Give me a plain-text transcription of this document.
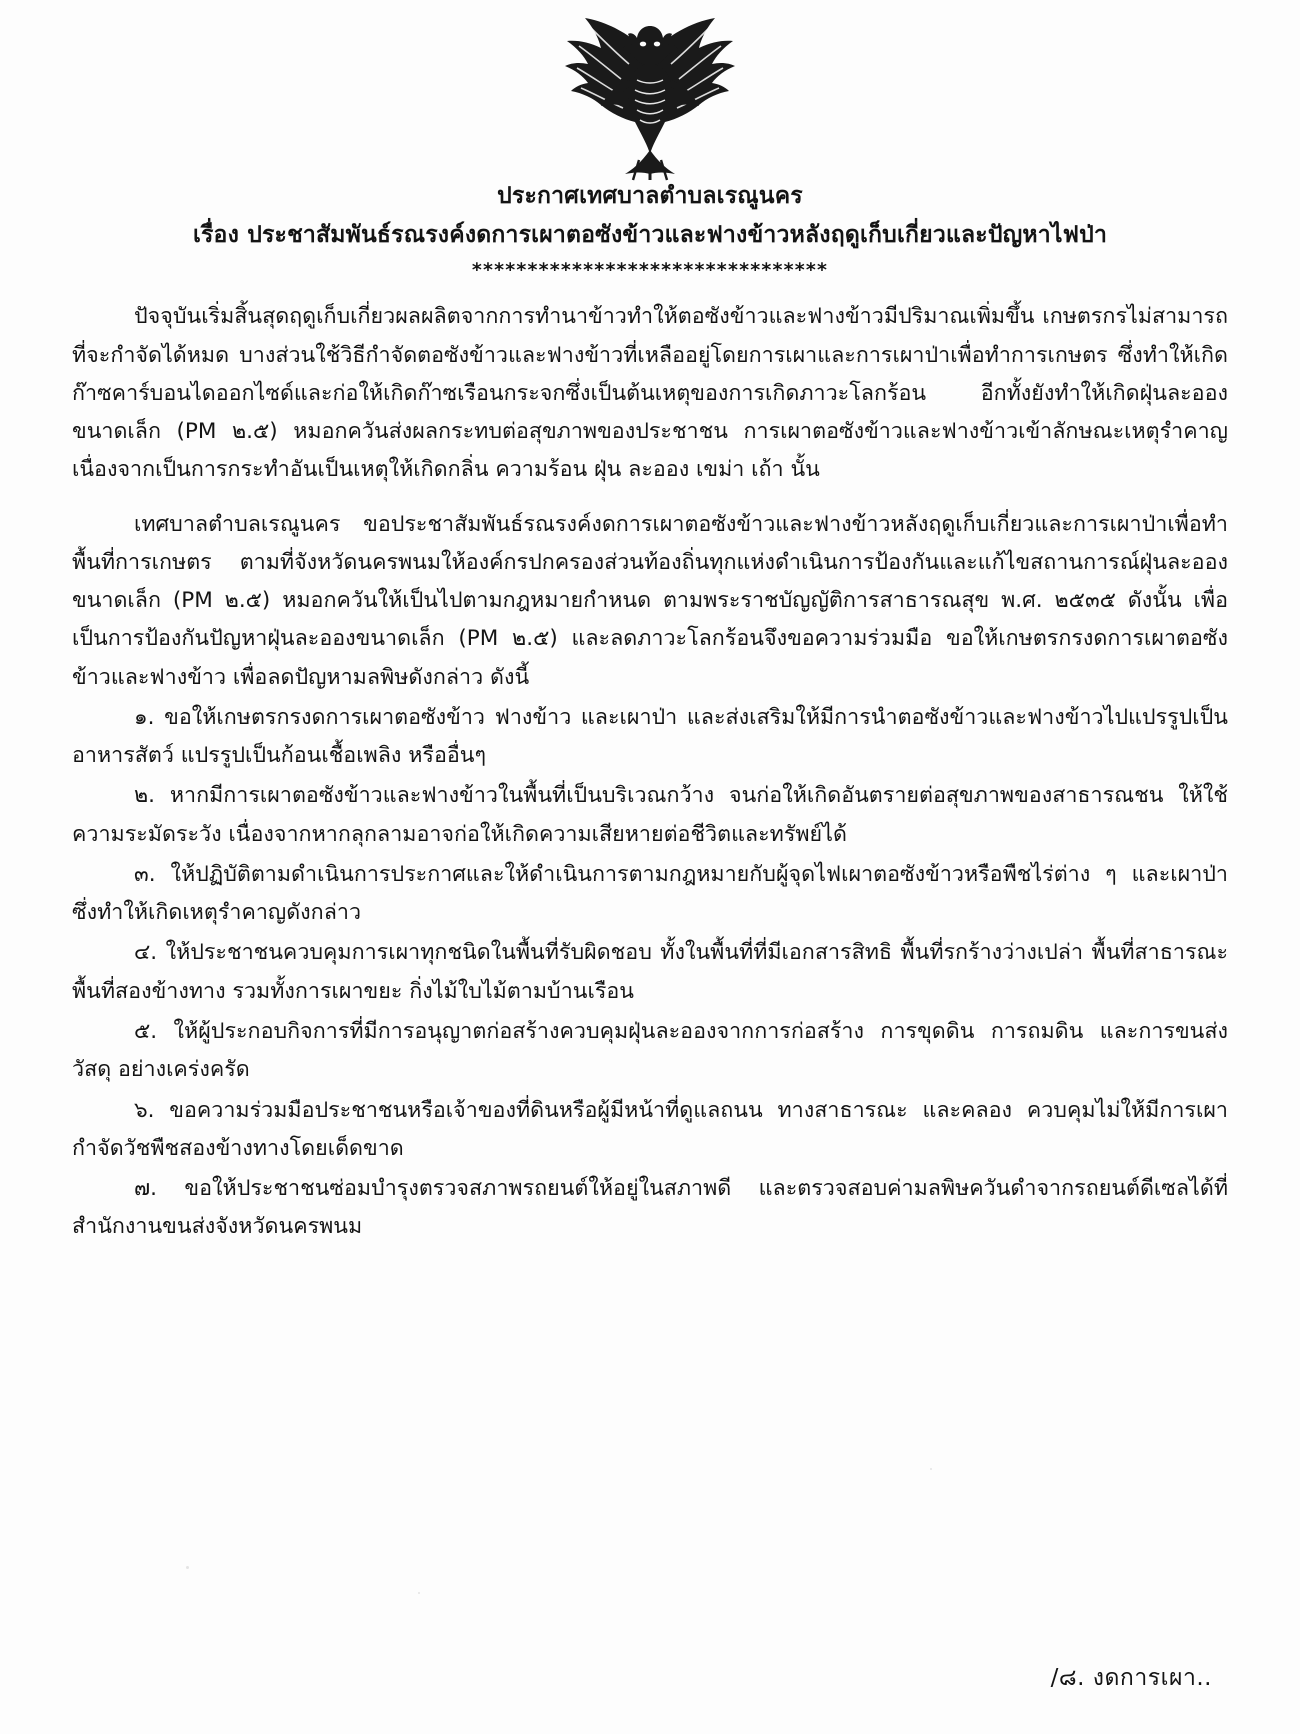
ประกาศเทศบาลตำบลเรณูนคร
เรื่อง ประชาสัมพันธ์รณรงค์งดการเผาตอซังข้าวและฟางข้าวหลังฤดูเก็บเกี่ยวและปัญหาไฟป่า
********************************

ปัจจุบันเริ่มสิ้นสุดฤดูเก็บเกี่ยวผลผลิตจากการทำนาข้าวทำให้ตอซังข้าวและฟางข้าวมีปริมาณเพิ่มขึ้น เกษตรกรไม่สามารถที่จะกำจัดได้หมด บางส่วนใช้วิธีกำจัดตอซังข้าวและฟางข้าวที่เหลืออยู่โดยการเผาและการเผาป่าเพื่อทำการเกษตร ซึ่งทำให้เกิดก๊าซคาร์บอนไดออกไซด์และก่อให้เกิดก๊าซเรือนกระจกซึ่งเป็นต้นเหตุของการเกิดภาวะโลกร้อน อีกทั้งยังทำให้เกิดฝุ่นละอองขนาดเล็ก (PM ๒.๕) หมอกควันส่งผลกระทบต่อสุขภาพของประชาชน การเผาตอซังข้าวและฟางข้าวเข้าลักษณะเหตุรำคาญ เนื่องจากเป็นการกระทำอันเป็นเหตุให้เกิดกลิ่น ความร้อน ฝุ่น ละออง เขม่า เถ้า นั้น

เทศบาลตำบลเรณูนคร ขอประชาสัมพันธ์รณรงค์งดการเผาตอซังข้าวและฟางข้าวหลังฤดูเก็บเกี่ยวและการเผาป่าเพื่อทำพื้นที่การเกษตร ตามที่จังหวัดนครพนมให้องค์กรปกครองส่วนท้องถิ่นทุกแห่งดำเนินการป้องกันและแก้ไขสถานการณ์ฝุ่นละอองขนาดเล็ก (PM ๒.๕) หมอกควันให้เป็นไปตามกฎหมายกำหนด ตามพระราชบัญญัติการสาธารณสุข พ.ศ. ๒๕๓๕ ดังนั้น เพื่อเป็นการป้องกันปัญหาฝุ่นละอองขนาดเล็ก (PM ๒.๕) และลดภาวะโลกร้อนจึงขอความร่วมมือ ขอให้เกษตรกรงดการเผาตอซังข้าวและฟางข้าว เพื่อลดปัญหามลพิษดังกล่าว ดังนี้

๑. ขอให้เกษตรกรงดการเผาตอซังข้าว ฟางข้าว และเผาป่า และส่งเสริมให้มีการนำตอซังข้าวและฟางข้าวไปแปรรูปเป็นอาหารสัตว์ แปรรูปเป็นก้อนเชื้อเพลิง หรืออื่นๆ

๒. หากมีการเผาตอซังข้าวและฟางข้าวในพื้นที่เป็นบริเวณกว้าง จนก่อให้เกิดอันตรายต่อสุขภาพของสาธารณชน ให้ใช้ความระมัดระวัง เนื่องจากหากลุกลามอาจก่อให้เกิดความเสียหายต่อชีวิตและทรัพย์ได้

๓. ให้ปฏิบัติตามดำเนินการประกาศและให้ดำเนินการตามกฎหมายกับผู้จุดไฟเผาตอซังข้าวหรือพืชไร่ต่าง ๆ และเผาป่า ซึ่งทำให้เกิดเหตุรำคาญดังกล่าว

๔. ให้ประชาชนควบคุมการเผาทุกชนิดในพื้นที่รับผิดชอบ ทั้งในพื้นที่ที่มีเอกสารสิทธิ พื้นที่รกร้างว่างเปล่า พื้นที่สาธารณะ พื้นที่สองข้างทาง รวมทั้งการเผาขยะ กิ่งไม้ใบไม้ตามบ้านเรือน

๕. ให้ผู้ประกอบกิจการที่มีการอนุญาตก่อสร้างควบคุมฝุ่นละอองจากการก่อสร้าง การขุดดิน การถมดิน และการขนส่งวัสดุ อย่างเคร่งครัด

๖. ขอความร่วมมือประชาชนหรือเจ้าของที่ดินหรือผู้มีหน้าที่ดูแลถนน ทางสาธารณะ และคลอง ควบคุมไม่ให้มีการเผากำจัดวัชพืชสองข้างทางโดยเด็ดขาด

๗. ขอให้ประชาชนซ่อมบำรุงตรวจสภาพรถยนต์ให้อยู่ในสภาพดี และตรวจสอบค่ามลพิษควันดำจากรถยนต์ดีเซลได้ที่สำนักงานขนส่งจังหวัดนครพนม

/๘. งดการเผา..
